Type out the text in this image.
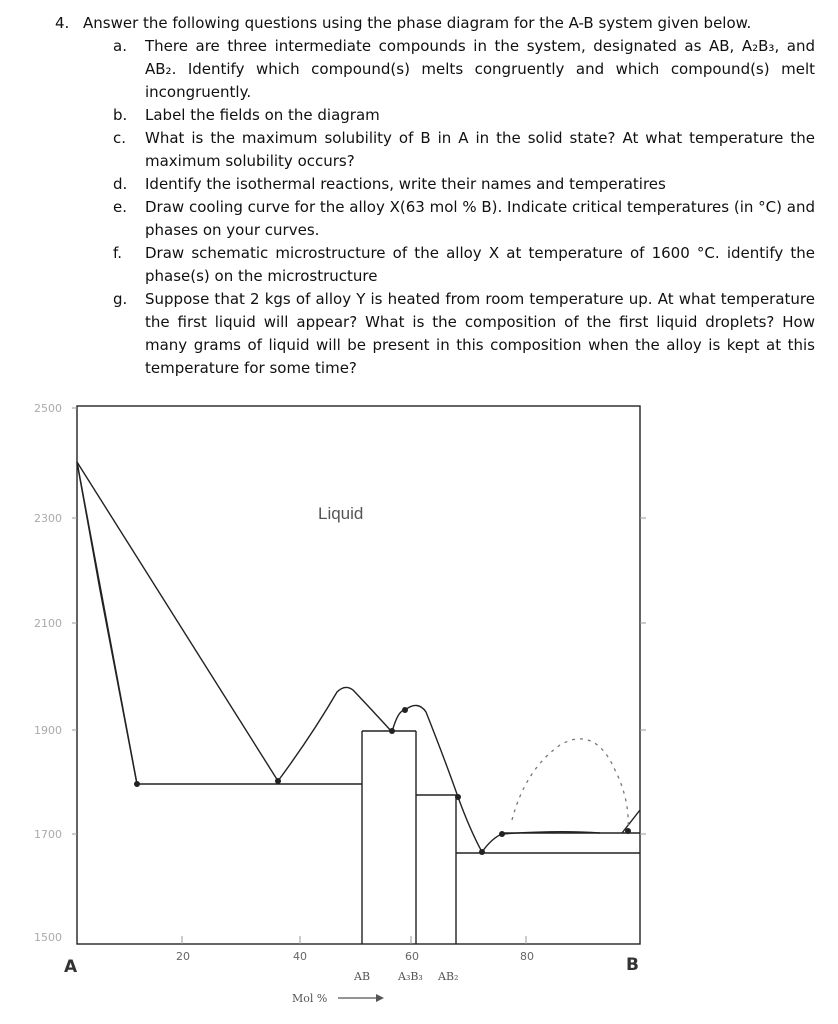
4. Answer the following questions using the phase diagram for the A-B system given below.
a.	There are three intermediate compounds in the system, designated as AB, A₂B₃, and AB₂. Identify which compound(s) melts congruently and which compound(s) melt incongruently.
b.	Label the fields on the diagram
c.	What is the maximum solubility of B in A in the solid state? At what temperature the maximum solubility occurs?
d.	Identify the isothermal reactions, write their names and temperatires
e.	Draw cooling curve for the alloy X(63 mol % B). Indicate critical temperatures (in °C) and phases on your curves.
f.	Draw schematic microstructure of the alloy X at temperature of 1600 °C. identify the phase(s) on the microstructure
g.	Suppose that 2 kgs of alloy Y is heated from room temperature up. At what temperature the first liquid will appear? What is the composition of the first liquid droplets? How many grams of liquid will be present in this composition when the alloy is kept at this temperature for some time?
2500
2300
2100
1900
1700
1500
20	40	60	80
A	B
AB	A₃B₃ AB₂
Mol %
Liquid
